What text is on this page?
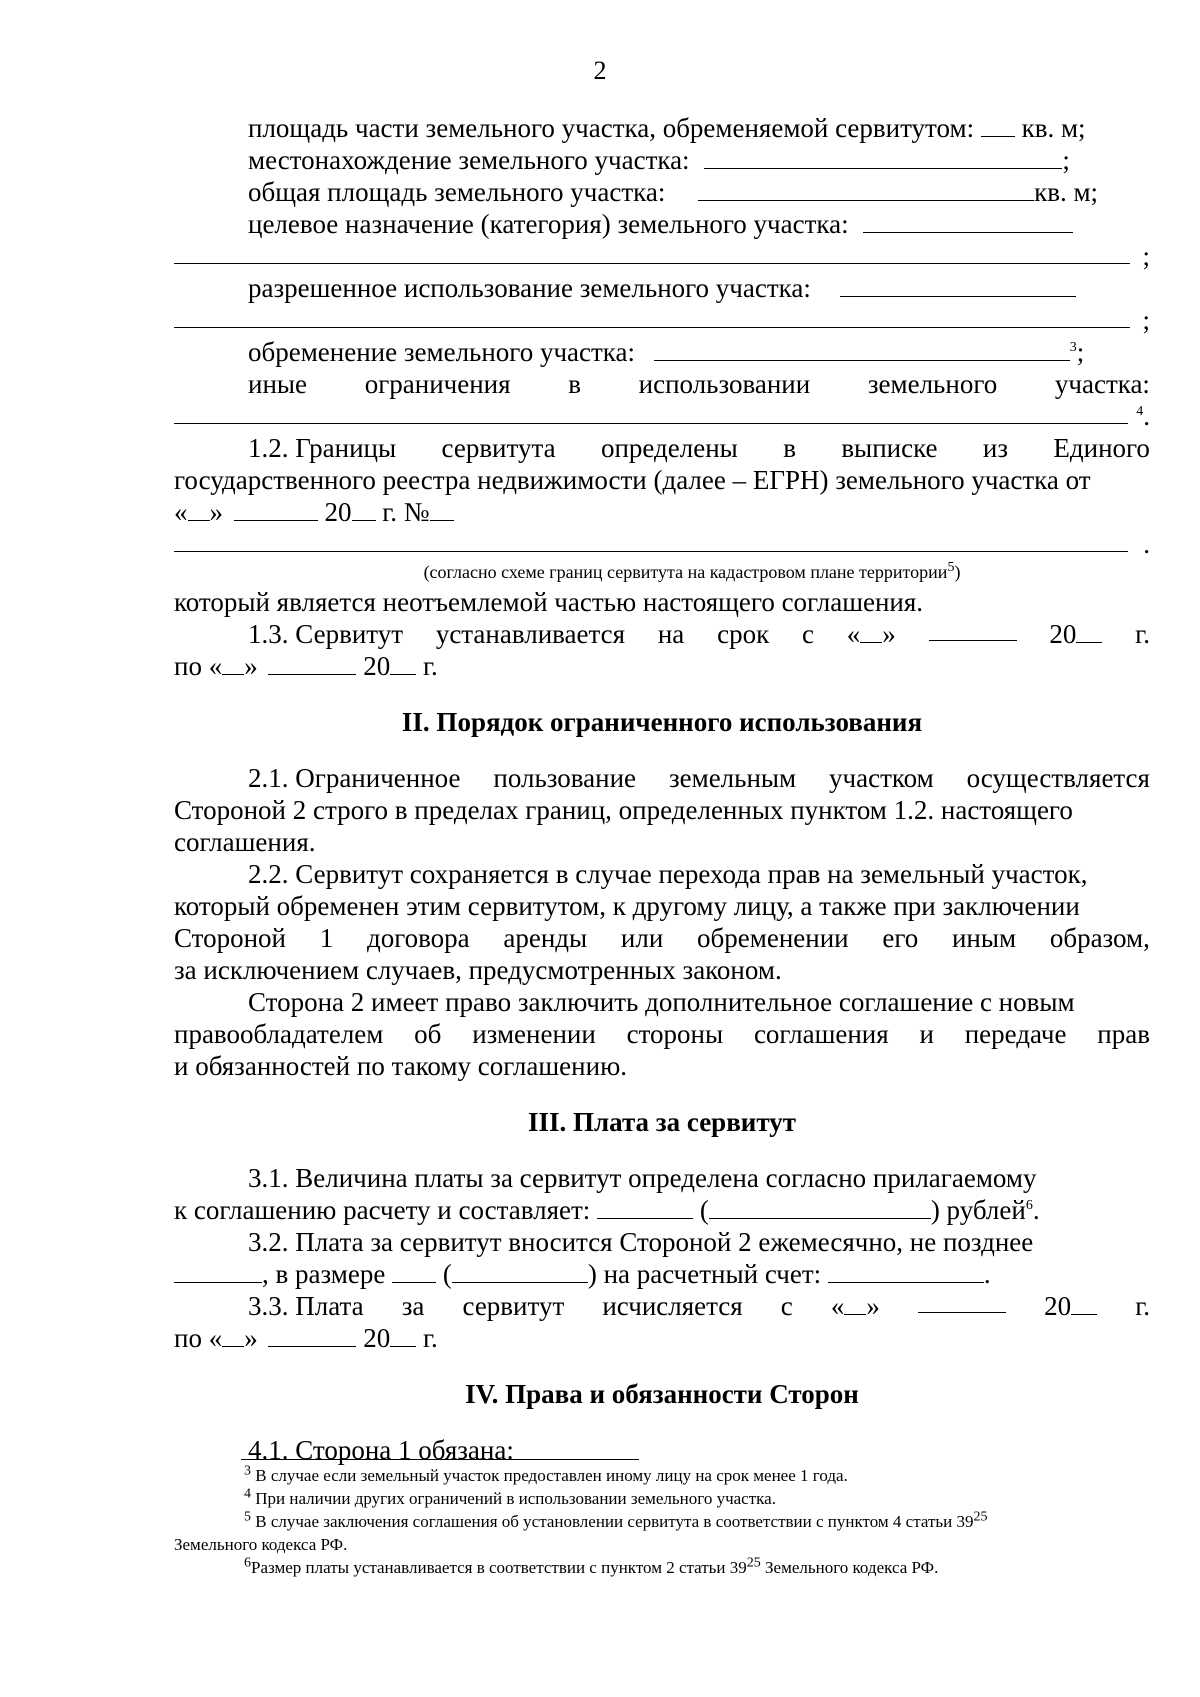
2
площадь части земельного участка, обременяемой сервитутом: кв. м;
местонахождение земельного участка:	;
общая площадь земельного участка:	кв. м;
целевое назначение (категория) земельного участка:
;
разрешенное использование земельного участка:
;
обременение земельного участка:	$^3$;
иные ограничения в использовании земельного участка:
$^4$.
1.2. Границы сервитута определены в выписке из Единого
государственного реестра недвижимости (далее – ЕГРН) земельного участка от
« »	20 г. №
.
(согласно схеме границ сервитута на кадастровом плане территории$^5$)
который является неотъемлемой частью настоящего соглашения.
1.3. Сервитут устанавливается на срок с « »	20	г.
по « »	20 г.
II. Порядок ограниченного использования
2.1. Ограниченное пользование земельным участком осуществляется
Стороной 2 строго в пределах границ, определенных пунктом 1.2. настоящего
соглашения.
2.2. Сервитут сохраняется в случае перехода прав на земельный участок,
который обременен этим сервитутом, к другому лицу, а также при заключении
Стороной 1 договора аренды или обременении его иным образом,
за исключением случаев, предусмотренных законом.
Сторона 2 имеет право заключить дополнительное соглашение с новым
правообладателем об изменении стороны соглашения и передаче прав
и обязанностей по такому соглашению.
III. Плата за сервитут
3.1. Величина платы за сервитут определена согласно прилагаемому
к соглашению расчету и составляет:	(	) рублей$^6$.
3.2. Плата за сервитут вносится Стороной 2 ежемесячно, не позднее
, в размере (	) на расчетный счет:	.
3.3. Плата за сервитут исчисляется с « »	20	г.
по « »	20 г.
IV. Права и обязанности Сторон
4.1. Сторона 1 обязана:
$^3$ В случае если земельный участок предоставлен иному лицу на срок менее 1 года.
$^4$ При наличии других ограничений в использовании земельного участка.
$^5$ В случае заключения соглашения об установлении сервитута в соответствии с пунктом 4 статьи $39^{25}$
Земельного кодекса РФ.
$^6$Размер платы устанавливается в соответствии с пунктом 2 статьи $39^{25}$ Земельного кодекса РФ.
